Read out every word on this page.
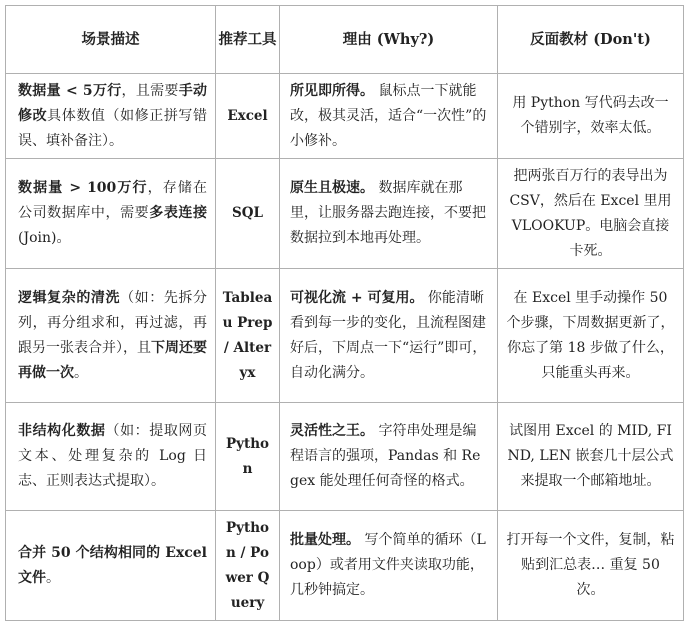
场景描述	推荐工具	理由 (Why?)	反面教材 (Don't)
数据量 < 5万行，且需要手动修改具体数值（如修正拼写错误、填补备注）。	Excel	所见即所得。 鼠标点一下就能改，极其灵活，适合“一次性”的小修补。	用 Python 写代码去改一个错别字，效率太低。
数据量 > 100万行，存储在公司数据库中，需要多表连接 (Join)。	SQL	原生且极速。 数据库就在那里，让服务器去跑连接，不要把数据拉到本地再处理。	把两张百万行的表导出为 CSV，然后在 Excel 里用 VLOOKUP。电脑会直接卡死。
逻辑复杂的清洗（如：先拆分列，再分组求和，再过滤，再跟另一张表合并），且下周还要再做一次。	Tableau Prep / Alteryx	可视化流 + 可复用。 你能清晰看到每一步的变化，且流程图建好后，下周点一下“运行”即可，自动化满分。	在 Excel 里手动操作 50 个步骤，下周数据更新了，你忘了第 18 步做了什么，只能重头再来。
非结构化数据（如：提取网页文本、处理复杂的 Log 日志、正则表达式提取）。	Python	灵活性之王。 字符串处理是编程语言的强项，Pandas 和 Regex 能处理任何奇怪的格式。	试图用 Excel 的 MID, FIND, LEN 嵌套几十层公式来提取一个邮箱地址。
合并 50 个结构相同的 Excel 文件。	Python / Power Query	批量处理。 写个简单的循环（Loop）或者用文件夹读取功能，几秒钟搞定。	打开每一个文件，复制，粘贴到汇总表… 重复 50 次。
